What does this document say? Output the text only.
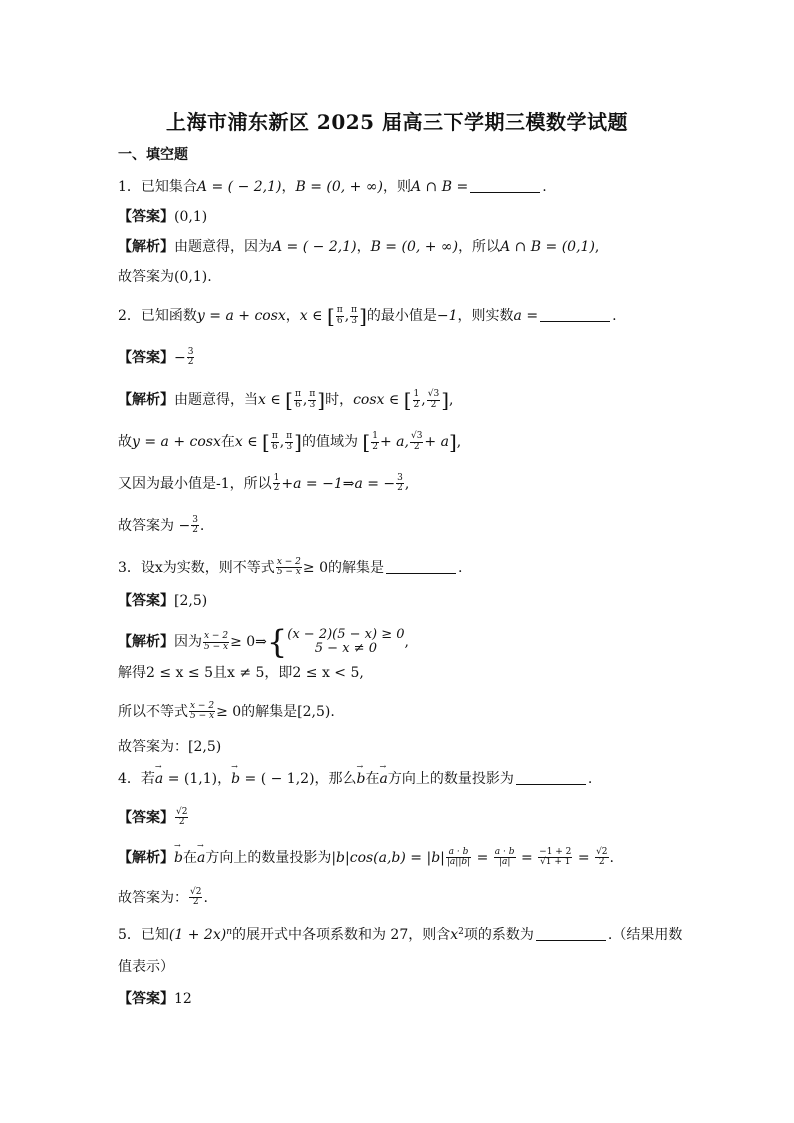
上海市浦东新区 2025 届高三下学期三模数学试题
一、填空题
1．已知集合A = ( − 2,1)，B = (0, + ∞)，则A ∩ B =	.
【答案】(0,1)
【解析】由题意得，因为A = ( − 2,1)，B = (0, + ∞)，所以A ∩ B = (0,1),
故答案为(0,1).
2．已知函数y = a + cosx，x ∈ [ $\frac{\pi}{6}$ , $\frac{\pi}{3}$ ]的最小值是−1，则实数a =	.
【答案】− $\frac{3}{2}$
【解析】由题意得，当x ∈ [ $\frac{\pi}{6}$ , $\frac{\pi}{3}$ ]时，cosx ∈ [ $\frac{1}{2}$ , $\frac{√3}{2}$ ],
故y = a + cosx在x ∈ [ $\frac{\pi}{6}$ , $\frac{\pi}{3}$ ]的值域为 [ $\frac{1}{2} + a$, $\frac{√3}{2} + a$],
又因为最小值是-1，所以 $\frac{1}{2} +a$ = −1⇒a = − $\frac{3}{2}$ ,
故答案为 − $\frac{3}{2}$ .
3．设x为实数，则不等式 $\frac{x - 2}{5 - x} \ge 0$的解集是	.
【答案】[2,5)
【解析】因为 $\frac{x - 2}{5 - x}$ ≥ 0⇒{ (x − 2)(5 − x) ≥ 0
5 − x ≠ 0	,
解得2 ≤ x ≤ 5且x ≠ 5，即2 ≤ x < 5,
所以不等式 $\frac{x - 2}{5 - x} \ge 0$的解集是[2,5).
故答案为：[2,5)
4．若→ a = (1,1)，→ b = ( − 1,2)，那么→ b在→ a方向上的数量投影为	.
【答案】 $\frac{√2}{2}$
【解析】→ b在→ a方向上的数量投影为$|b|\cos(a,b) = |b| \frac{a \cdot b}{|a||b|} = \frac{a \cdot b}{|a|} = \frac{-1 + 2}{√1 + 1} = \frac{√2}{2}$ .
故答案为： $\frac{√2}{2}$ .
5．已知$(1 + 2x)^n$的展开式中各项系数和为 27，则含$x^2$项的系数为	.（结果用数
值表示）
【答案】12
